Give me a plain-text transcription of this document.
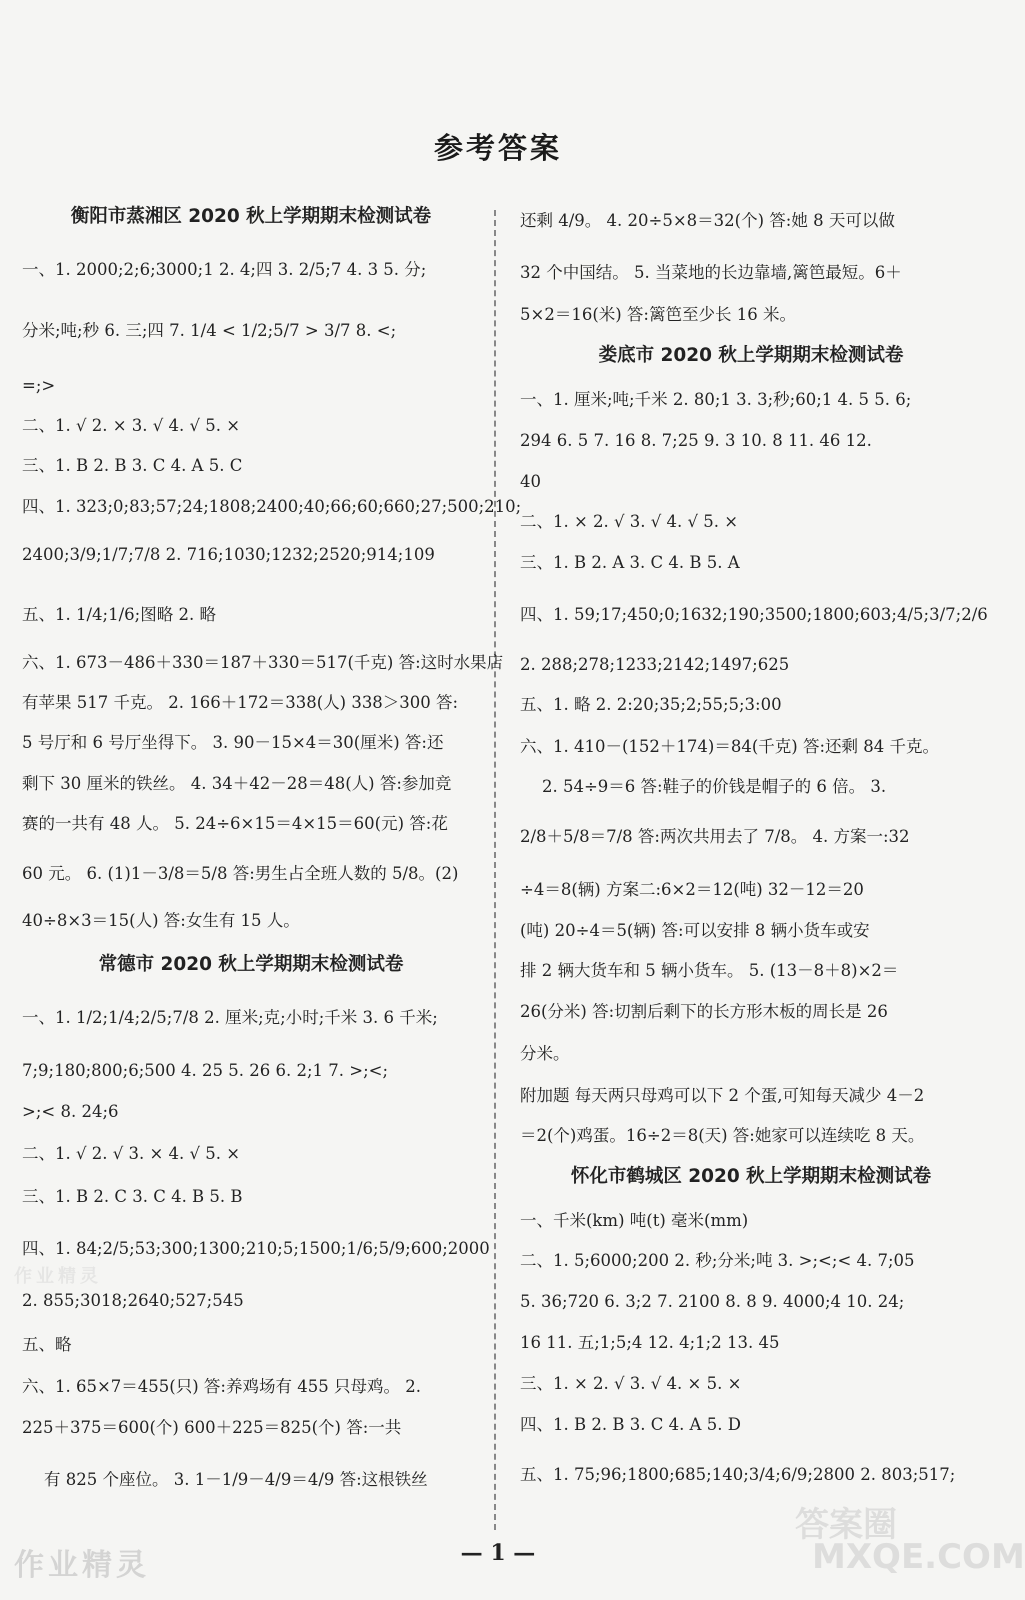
参考答案
衡阳市蒸湘区 2020 秋上学期期末检测试卷
一、1. 2000;2;6;3000;1 2. 4;四 3. 2/5;7 4. 3 5. 分;
分米;吨;秒 6. 三;四 7. 1/4 < 1/2;5/7 > 3/7 8. <;
=;>
二、1. √ 2. × 3. √ 4. √ 5. ×
三、1. B 2. B 3. C 4. A 5. C
四、1. 323;0;83;57;24;1808;2400;40;66;60;660;27;500;210;
2400;3/9;1/7;7/8 2. 716;1030;1232;2520;914;109
五、1. 1/4;1/6;图略 2. 略
六、1. 673－486＋330＝187＋330＝517(千克) 答:这时水果店
有苹果 517 千克。 2. 166＋172＝338(人) 338＞300 答:
5 号厅和 6 号厅坐得下。 3. 90－15×4＝30(厘米) 答:还
剩下 30 厘米的铁丝。 4. 34＋42－28＝48(人) 答:参加竞
赛的一共有 48 人。 5. 24÷6×15＝4×15＝60(元) 答:花
60 元。 6. (1)1－3/8＝5/8 答:男生占全班人数的 5/8。(2)
40÷8×3＝15(人) 答:女生有 15 人。
常德市 2020 秋上学期期末检测试卷
一、1. 1/2;1/4;2/5;7/8 2. 厘米;克;小时;千米 3. 6 千米;
7;9;180;800;6;500 4. 25 5. 26 6. 2;1 7. >;<;
>;< 8. 24;6
二、1. √ 2. √ 3. × 4. √ 5. ×
三、1. B 2. C 3. C 4. B 5. B
四、1. 84;2/5;53;300;1300;210;5;1500;1/6;5/9;600;2000
2. 855;3018;2640;527;545
五、略
六、1. 65×7＝455(只) 答:养鸡场有 455 只母鸡。 2.
225＋375＝600(个) 600＋225＝825(个) 答:一共
有 825 个座位。 3. 1－1/9－4/9＝4/9 答:这根铁丝
还剩 4/9。 4. 20÷5×8＝32(个) 答:她 8 天可以做
32 个中国结。 5. 当菜地的长边靠墙,篱笆最短。6＋
5×2＝16(米) 答:篱笆至少长 16 米。
娄底市 2020 秋上学期期末检测试卷
一、1. 厘米;吨;千米 2. 80;1 3. 3;秒;60;1 4. 5 5. 6;
294 6. 5 7. 16 8. 7;25 9. 3 10. 8 11. 46 12.
40
二、1. × 2. √ 3. √ 4. √ 5. ×
三、1. B 2. A 3. C 4. B 5. A
四、1. 59;17;450;0;1632;190;3500;1800;603;4/5;3/7;2/6
2. 288;278;1233;2142;1497;625
五、1. 略 2. 2:20;35;2;55;5;3:00
六、1. 410－(152＋174)＝84(千克) 答:还剩 84 千克。
2. 54÷9＝6 答:鞋子的价钱是帽子的 6 倍。 3.
2/8＋5/8＝7/8 答:两次共用去了 7/8。 4. 方案一:32
÷4＝8(辆) 方案二:6×2＝12(吨) 32－12＝20
(吨) 20÷4＝5(辆) 答:可以安排 8 辆小货车或安
排 2 辆大货车和 5 辆小货车。 5. (13－8＋8)×2＝
26(分米) 答:切割后剩下的长方形木板的周长是 26
分米。
附加题 每天两只母鸡可以下 2 个蛋,可知每天减少 4－2
＝2(个)鸡蛋。16÷2＝8(天) 答:她家可以连续吃 8 天。
怀化市鹤城区 2020 秋上学期期末检测试卷
一、千米(km) 吨(t) 毫米(mm)
二、1. 5;6000;200 2. 秒;分米;吨 3. >;<;< 4. 7;05
5. 36;720 6. 3;2 7. 2100 8. 8 9. 4000;4 10. 24;
16 11. 五;1;5;4 12. 4;1;2 13. 45
三、1. × 2. √ 3. √ 4. × 5. ×
四、1. B 2. B 3. C 4. A 5. D
五、1. 75;96;1800;685;140;3/4;6/9;2800 2. 803;517;
— 1 —
作业精灵
作业精灵
答案圈
MXQE.COM
